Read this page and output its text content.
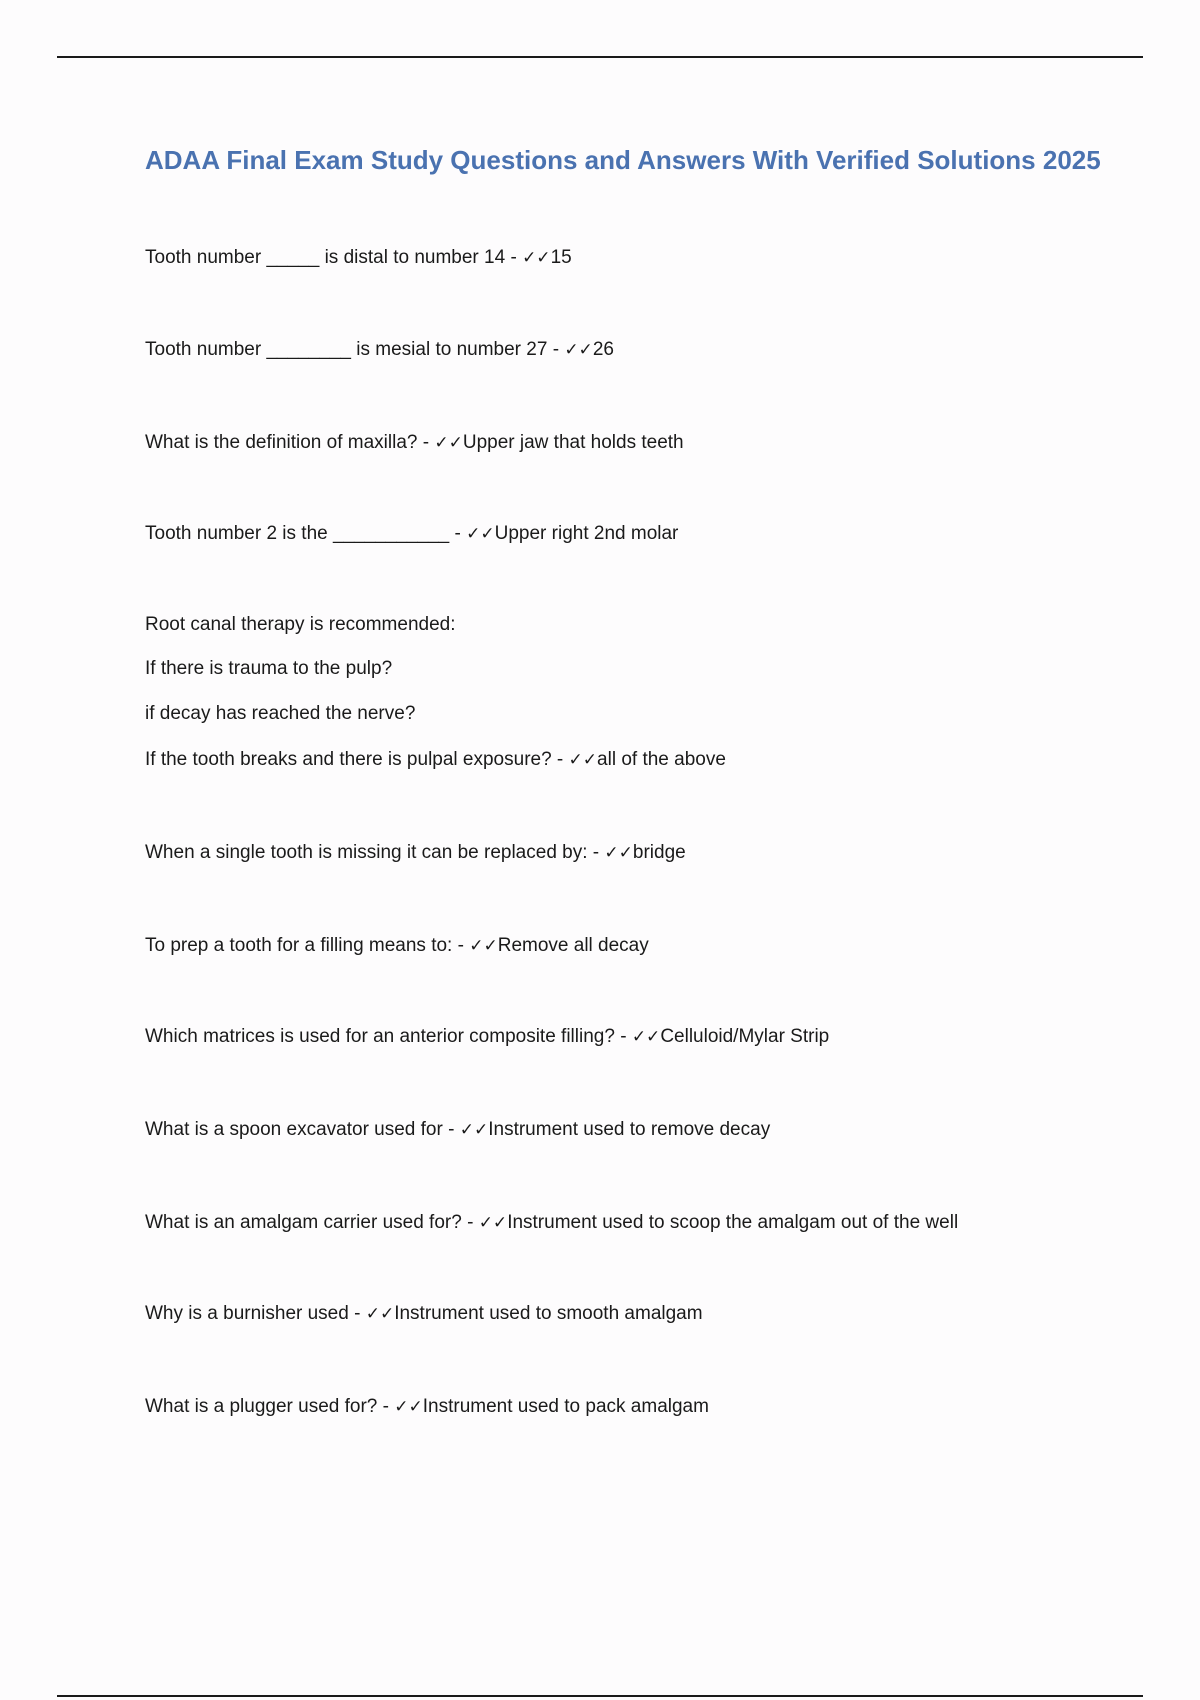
ADAA Final Exam Study Questions and Answers With Verified Solutions 2025

Tooth number _____ is distal to number 14 - ✓✓15

Tooth number ________ is mesial to number 27 - ✓✓26

What is the definition of maxilla? - ✓✓Upper jaw that holds teeth

Tooth number 2 is the ___________ - ✓✓Upper right 2nd molar

Root canal therapy is recommended:

If there is trauma to the pulp?

if decay has reached the nerve?

If the tooth breaks and there is pulpal exposure? - ✓✓all of the above

When a single tooth is missing it can be replaced by: - ✓✓bridge

To prep a tooth for a filling means to: - ✓✓Remove all decay

Which matrices is used for an anterior composite filling? - ✓✓Celluloid/Mylar Strip

What is a spoon excavator used for - ✓✓Instrument used to remove decay

What is an amalgam carrier used for? - ✓✓Instrument used to scoop the amalgam out of the well

Why is a burnisher used - ✓✓Instrument used to smooth amalgam

What is a plugger used for? - ✓✓Instrument used to pack amalgam
